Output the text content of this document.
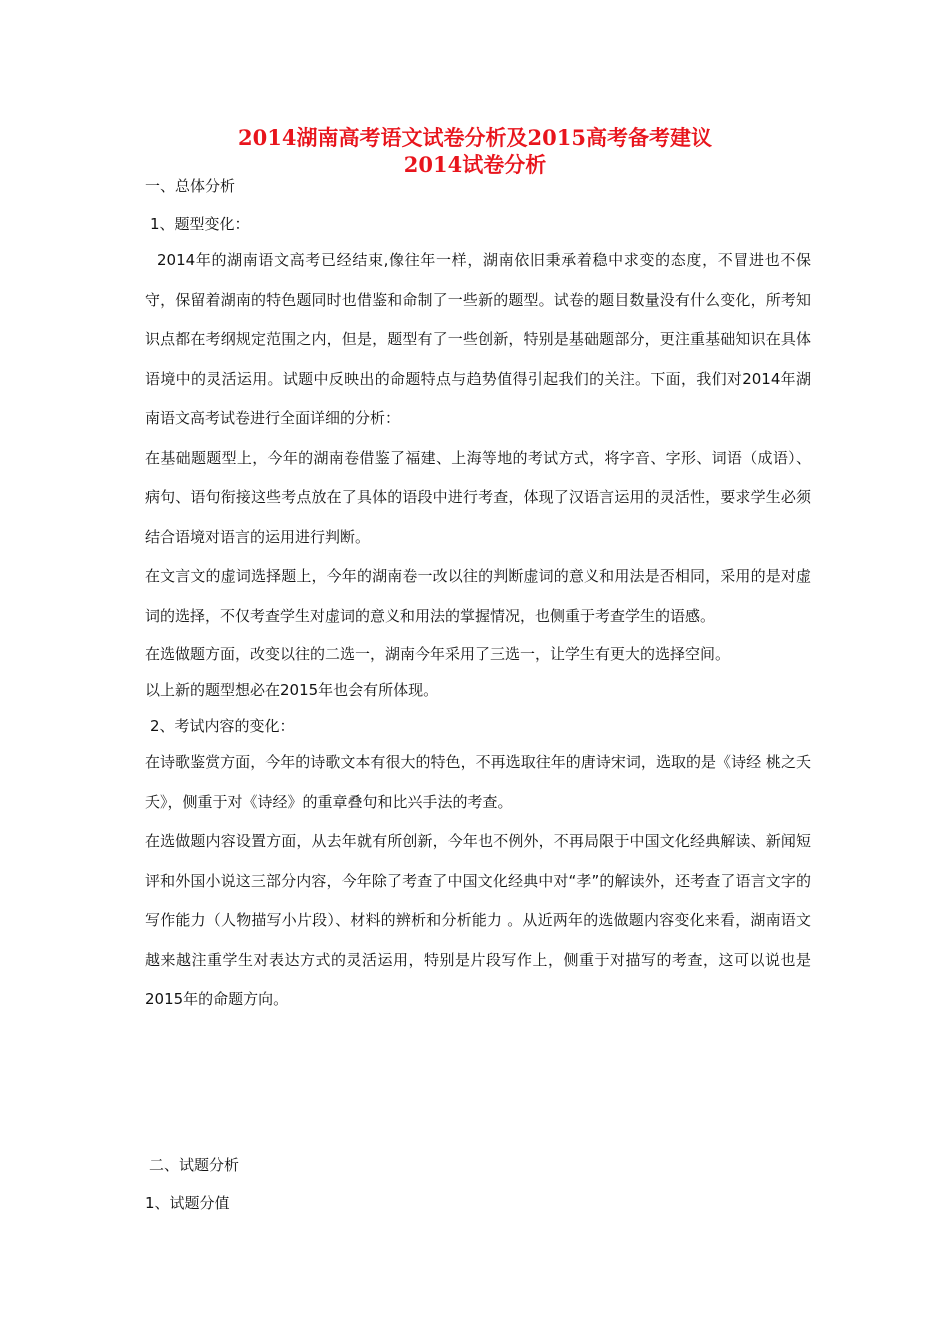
2014湖南高考语文试卷分析及2015高考备考建议

2014试卷分析

一、总体分析

1、题型变化：

2014年的湖南语文高考已经结束,像往年一样，湖南依旧秉承着稳中求变的态度，不冒进也不保守，保留着湖南的特色题同时也借鉴和命制了一些新的题型。试卷的题目数量没有什么变化，所考知识点都在考纲规定范围之内，但是，题型有了一些创新，特别是基础题部分，更注重基础知识在具体语境中的灵活运用。试题中反映出的命题特点与趋势值得引起我们的关注。下面，我们对2014年湖南语文高考试卷进行全面详细的分析：

在基础题题型上，今年的湖南卷借鉴了福建、上海等地的考试方式，将字音、字形、词语（成语）、病句、语句衔接这些考点放在了具体的语段中进行考查，体现了汉语言运用的灵活性，要求学生必须结合语境对语言的运用进行判断。

在文言文的虚词选择题上，今年的湖南卷一改以往的判断虚词的意义和用法是否相同，采用的是对虚词的选择，不仅考查学生对虚词的意义和用法的掌握情况，也侧重于考查学生的语感。

在选做题方面，改变以往的二选一，湖南今年采用了三选一，让学生有更大的选择空间。

以上新的题型想必在2015年也会有所体现。

2、考试内容的变化：

在诗歌鉴赏方面，今年的诗歌文本有很大的特色，不再选取往年的唐诗宋词，选取的是《诗经 桃之夭夭》，侧重于对《诗经》的重章叠句和比兴手法的考查。

在选做题内容设置方面，从去年就有所创新，今年也不例外，不再局限于中国文化经典解读、新闻短评和外国小说这三部分内容，今年除了考查了中国文化经典中对“孝”的解读外，还考查了语言文字的写作能力（人物描写小片段）、材料的辨析和分析能力 。从近两年的选做题内容变化来看，湖南语文越来越注重学生对表达方式的灵活运用，特别是片段写作上，侧重于对描写的考查，这可以说也是2015年的命题方向。

二、试题分析

1、试题分值
